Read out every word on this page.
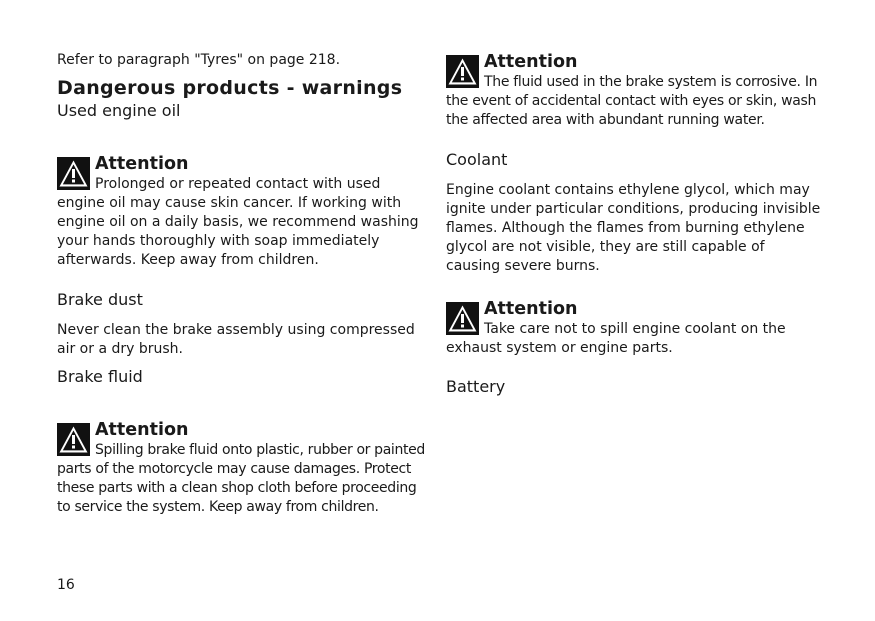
Refer to paragraph "Tyres" on page 218.
Dangerous products - warnings
Used engine oil
Attention
Prolonged or repeated contact with used engine oil may cause skin cancer. If working with engine oil on a daily basis, we recommend washing your hands thoroughly with soap immediately afterwards. Keep away from children.
Brake dust
Never clean the brake assembly using compressed air or a dry brush.
Brake fluid
Attention
Spilling brake fluid onto plastic, rubber or painted parts of the motorcycle may cause damages. Protect these parts with a clean shop cloth before proceeding to service the system. Keep away from children.
Attention
The fluid used in the brake system is corrosive. In the event of accidental contact with eyes or skin, wash the affected area with abundant running water.
Coolant
Engine coolant contains ethylene glycol, which may ignite under particular conditions, producing invisible flames. Although the flames from burning ethylene glycol are not visible, they are still capable of causing severe burns.
Attention
Take care not to spill engine coolant on the exhaust system or engine parts.
Battery
16
